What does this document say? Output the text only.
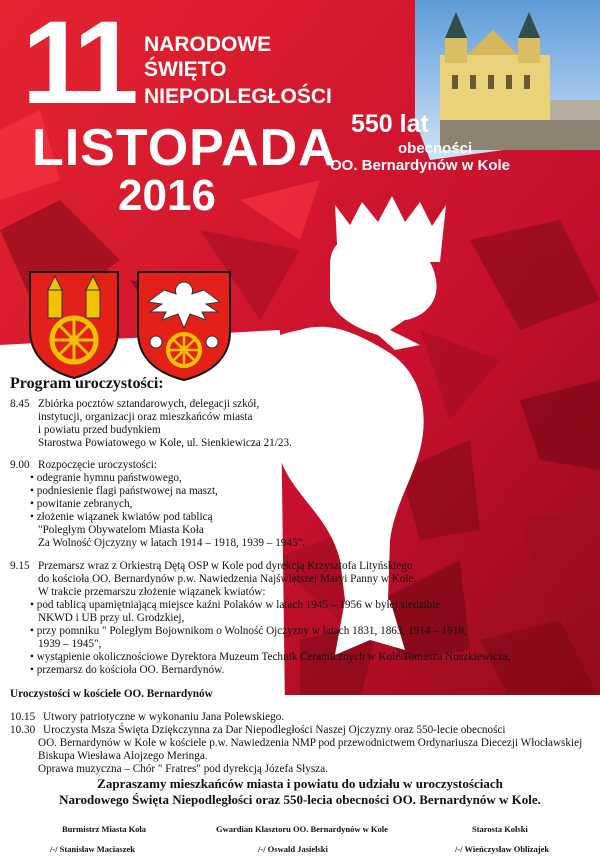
11 NARODOWE
ŚWIĘTO
NIEPODLEGŁOŚCI
LISTOPADA
2016
550 lat
obecności
OO. Bernardynów w Kole
Program uroczystości:
8.45 Zbiórka pocztów sztandarowych, delegacji szkół,
instytucji, organizacji oraz mieszkańców miasta
i powiatu przed budynkiem
Starostwa Powiatowego w Kole, ul. Sienkiewicza 21/23.
9.00 Rozpoczęcie uroczystości:
• odegranie hymnu państwowego,
• podniesienie flagi państwowej na maszt,
• powitanie zebranych,
• złożenie wiązanek kwiatów pod tablicą
"Poległym Obywatelom Miasta Koła
Za Wolność Ojczyzny w latach 1914 – 1918, 1939 – 1945".
9.15 Przemarsz wraz z Orkiestrą Dętą OSP w Kole pod dyrekcją Krzysztofa Lityńskiego
do kościoła OO. Bernardynów p.w. Nawiedzenia Najświętszej Maryi Panny w Kole.
W trakcie przemarszu złożenie wiązanek kwiatów:
• pod tablicą upamiętniającą miejsce kaźni Polaków w latach 1945 – 1956 w byłej siedzibie
NKWD i UB przy ul. Grodzkiej,
• przy pomniku " Poległym Bojownikom o Wolność Ojczyzny w latach 1831, 1863, 1914 – 1918,
1939 – 1945",
• wystąpienie okolicznościowe Dyrektora Muzeum Technik Ceramicznych w Kole Tomasza Nuszkiewicza,
• przemarsz do kościoła OO. Bernardynów.
Uroczystości w kościele OO. Bernardynów
10.15 Utwory patriotyczne w wykonaniu Jana Polewskiego.
10.30 Uroczysta Msza Święta Dziękczynna za Dar Niepodległości Naszej Ojczyzny oraz 550-lecie obecności
OO. Bernardynów w Kole w kościele p.w. Nawiedzenia NMP pod przewodnictwem Ordynariusza Diecezji Włocławskiej
Biskupa Wiesława Alojzego Meringa.
Oprawa muzyczna – Chór " Fratres" pod dyrekcją Józefa Słysza.
Zapraszamy mieszkańców miasta i powiatu do udziału w uroczystościach
Narodowego Święta Niepodległości oraz 550-lecia obecności OO. Bernardynów w Kole.
Burmistrz Miasta Koła
/-/ Stanisław Maciaszek
Gwardian Klasztoru OO. Bernardynów w Kole
/-/ Oswald Jasielski
Starosta Kolski
/-/ Wieńczysław Oblizajek
